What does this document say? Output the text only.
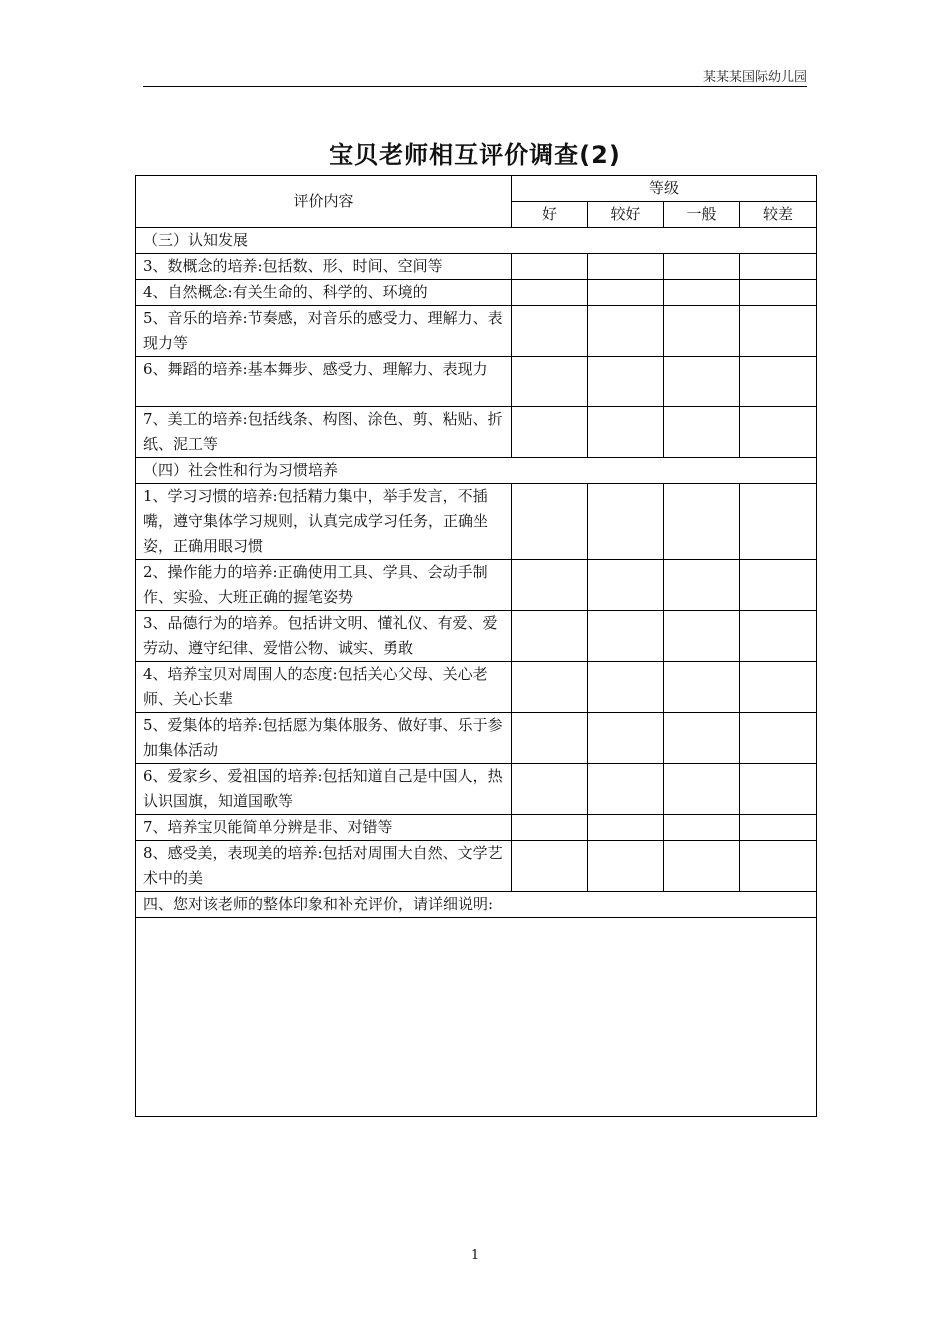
某某某国际幼儿园
宝贝老师相互评价调查(2)
评价内容	等级			
	好	较好	一般	较差
（三）认知发展				
3、数概念的培养:包括数、形、时间、空间等				
4、自然概念:有关生命的、科学的、环境的				
5、音乐的培养:节奏感，对音乐的感受力、理解力、表现力等				
6、舞蹈的培养:基本舞步、感受力、理解力、表现力				
7、美工的培养:包括线条、构图、涂色、剪、粘贴、折纸、泥工等				
（四）社会性和行为习惯培养				
1、学习习惯的培养:包括精力集中，举手发言，不插嘴，遵守集体学习规则，认真完成学习任务，正确坐姿，正确用眼习惯				
2、操作能力的培养:正确使用工具、学具、会动手制作、实验、大班正确的握笔姿势				
3、品德行为的培养。包括讲文明、懂礼仪、有爱、爱劳动、遵守纪律、爱惜公物、诚实、勇敢				
4、培养宝贝对周围人的态度:包括关心父母、关心老师、关心长辈				
5、爱集体的培养:包括愿为集体服务、做好事、乐于参加集体活动				
6、爱家乡、爱祖国的培养:包括知道自己是中国人，热认识国旗，知道国歌等				
7、培养宝贝能简单分辨是非、对错等				
8、感受美，表现美的培养:包括对周围大自然、文学艺术中的美				
四、您对该老师的整体印象和补充评价，请详细说明:				

1
